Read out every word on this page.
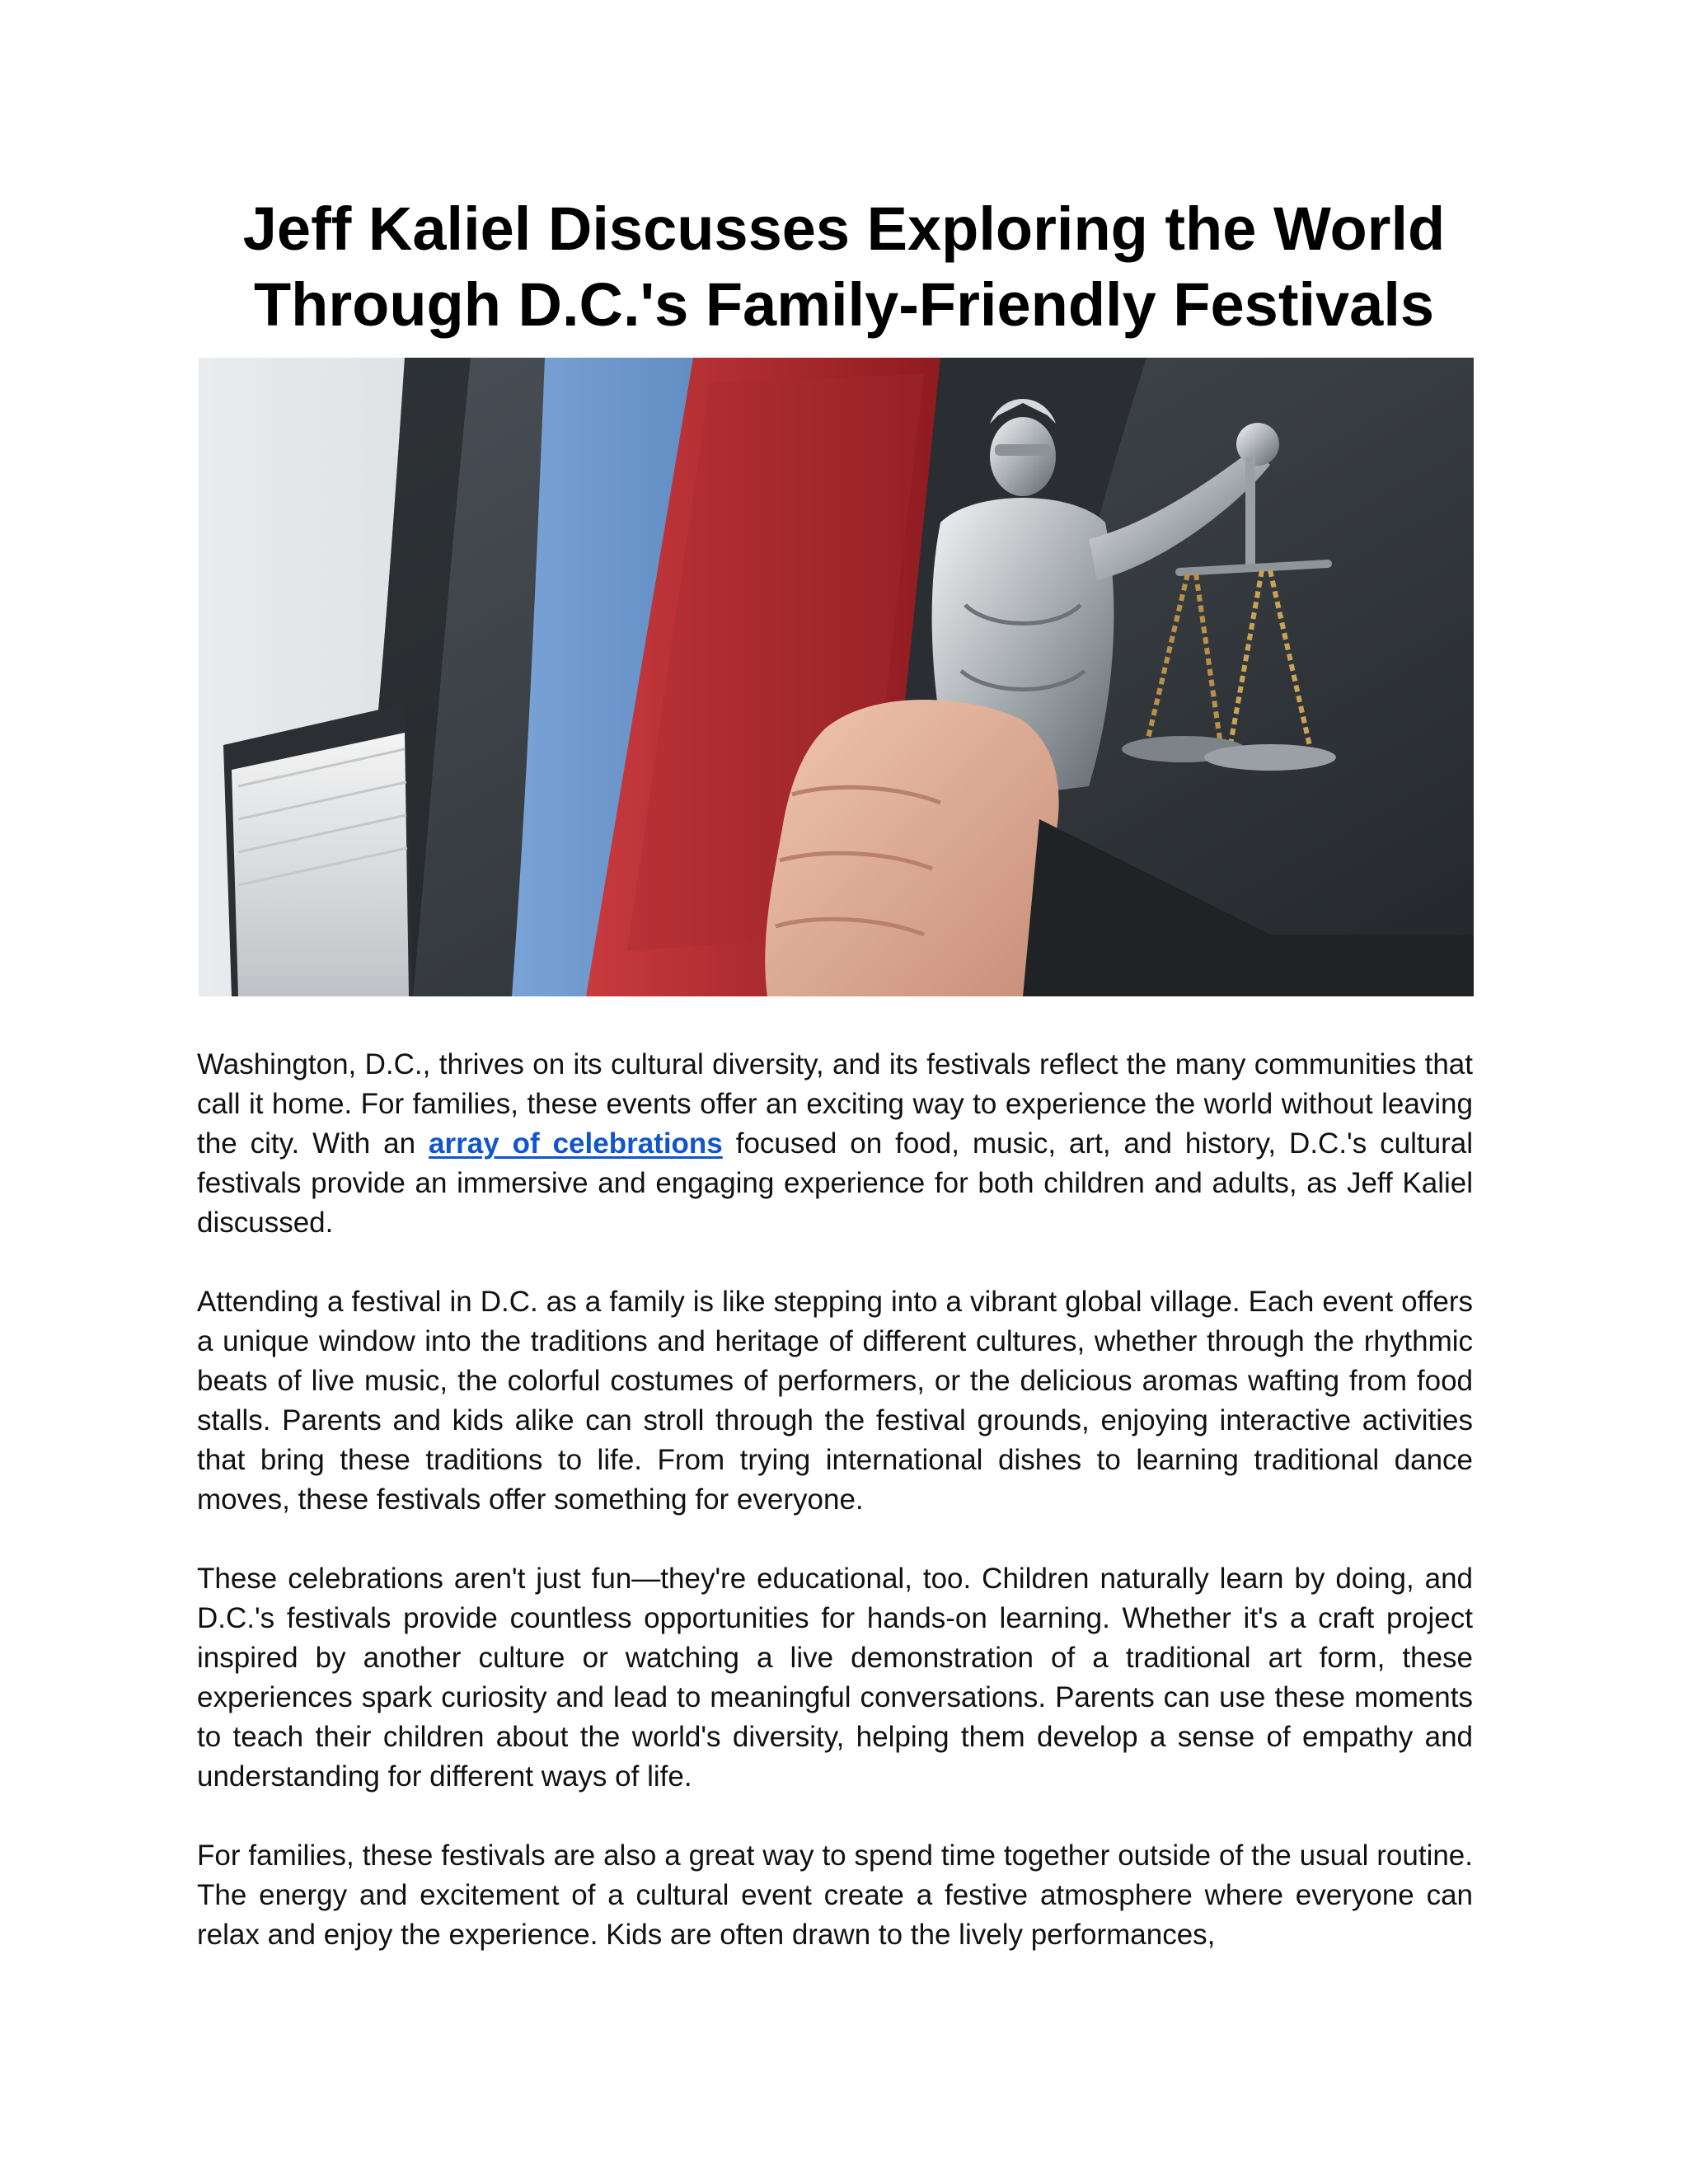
Jeff Kaliel Discusses Exploring the World
Through D.C.'s Family-Friendly Festivals

Washington, D.C., thrives on its cultural diversity, and its festivals reflect the many communities that call it home. For families, these events offer an exciting way to experience the world without leaving the city. With an array of celebrations focused on food, music, art, and history, D.C.'s cultural festivals provide an immersive and engaging experience for both children and adults, as Jeff Kaliel discussed.

Attending a festival in D.C. as a family is like stepping into a vibrant global village. Each event offers a unique window into the traditions and heritage of different cultures, whether through the rhythmic beats of live music, the colorful costumes of performers, or the delicious aromas wafting from food stalls. Parents and kids alike can stroll through the festival grounds, enjoying interactive activities that bring these traditions to life. From trying international dishes to learning traditional dance moves, these festivals offer something for everyone.

These celebrations aren't just fun—they're educational, too. Children naturally learn by doing, and D.C.'s festivals provide countless opportunities for hands-on learning. Whether it's a craft project inspired by another culture or watching a live demonstration of a traditional art form, these experiences spark curiosity and lead to meaningful conversations. Parents can use these moments to teach their children about the world's diversity, helping them develop a sense of empathy and understanding for different ways of life.

For families, these festivals are also a great way to spend time together outside of the usual routine. The energy and excitement of a cultural event create a festive atmosphere where everyone can relax and enjoy the experience. Kids are often drawn to the lively performances,
